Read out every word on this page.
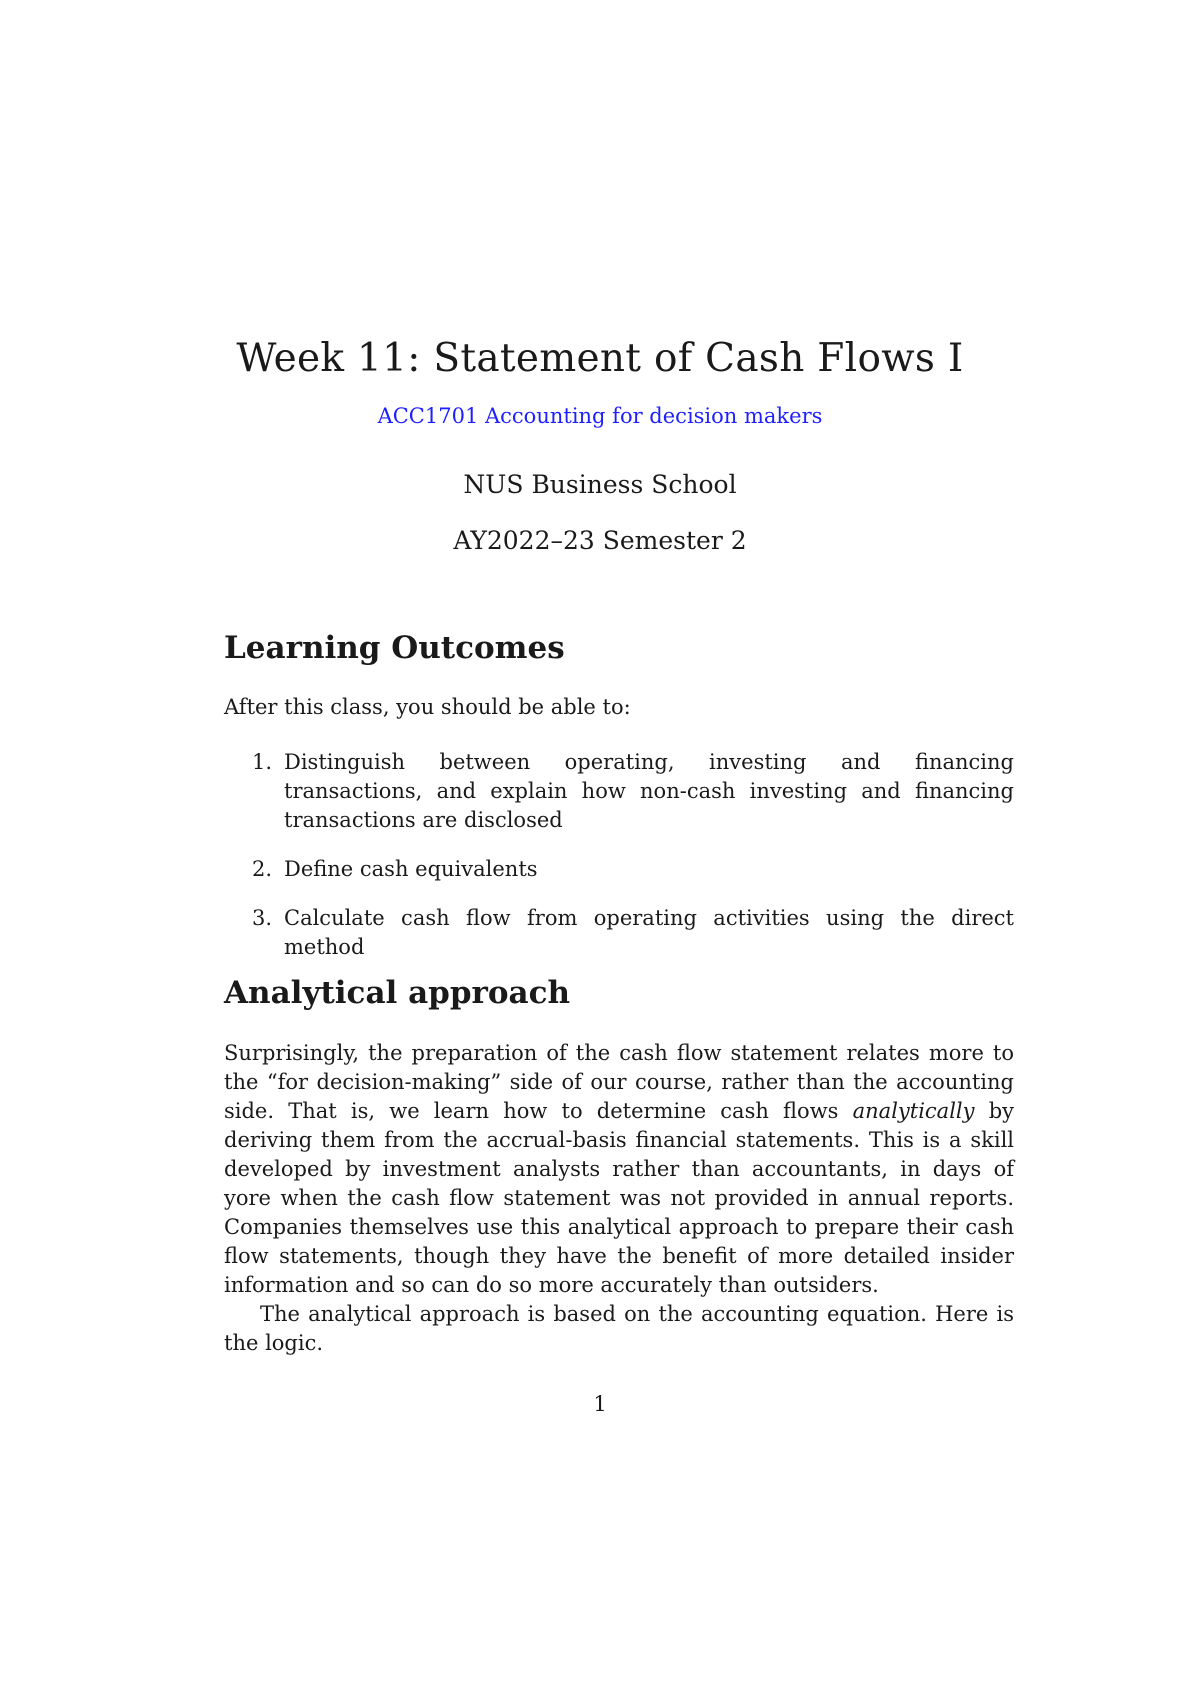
Week 11: Statement of Cash Flows I
ACC1701 Accounting for decision makers
NUS Business School
AY2022–23 Semester 2
Learning Outcomes

After this class, you should be able to:

1. Distinguish between operating, investing and financing transactions, and explain how non-cash investing and financing transactions are disclosed
2. Define cash equivalents
3. Calculate cash flow from operating activities using the direct method
Analytical approach

Surprisingly, the preparation of the cash flow statement relates more to the “for decision-making” side of our course, rather than the accounting side. That is, we learn how to determine cash flows analytically by deriving them from the accrual-basis financial statements. This is a skill developed by investment analysts rather than accountants, in days of yore when the cash flow statement was not provided in annual reports. Companies themselves use this analytical approach to prepare their cash flow statements, though they have the benefit of more detailed insider information and so can do so more accurately than outsiders.

The analytical approach is based on the accounting equation. Here is the logic.

1
